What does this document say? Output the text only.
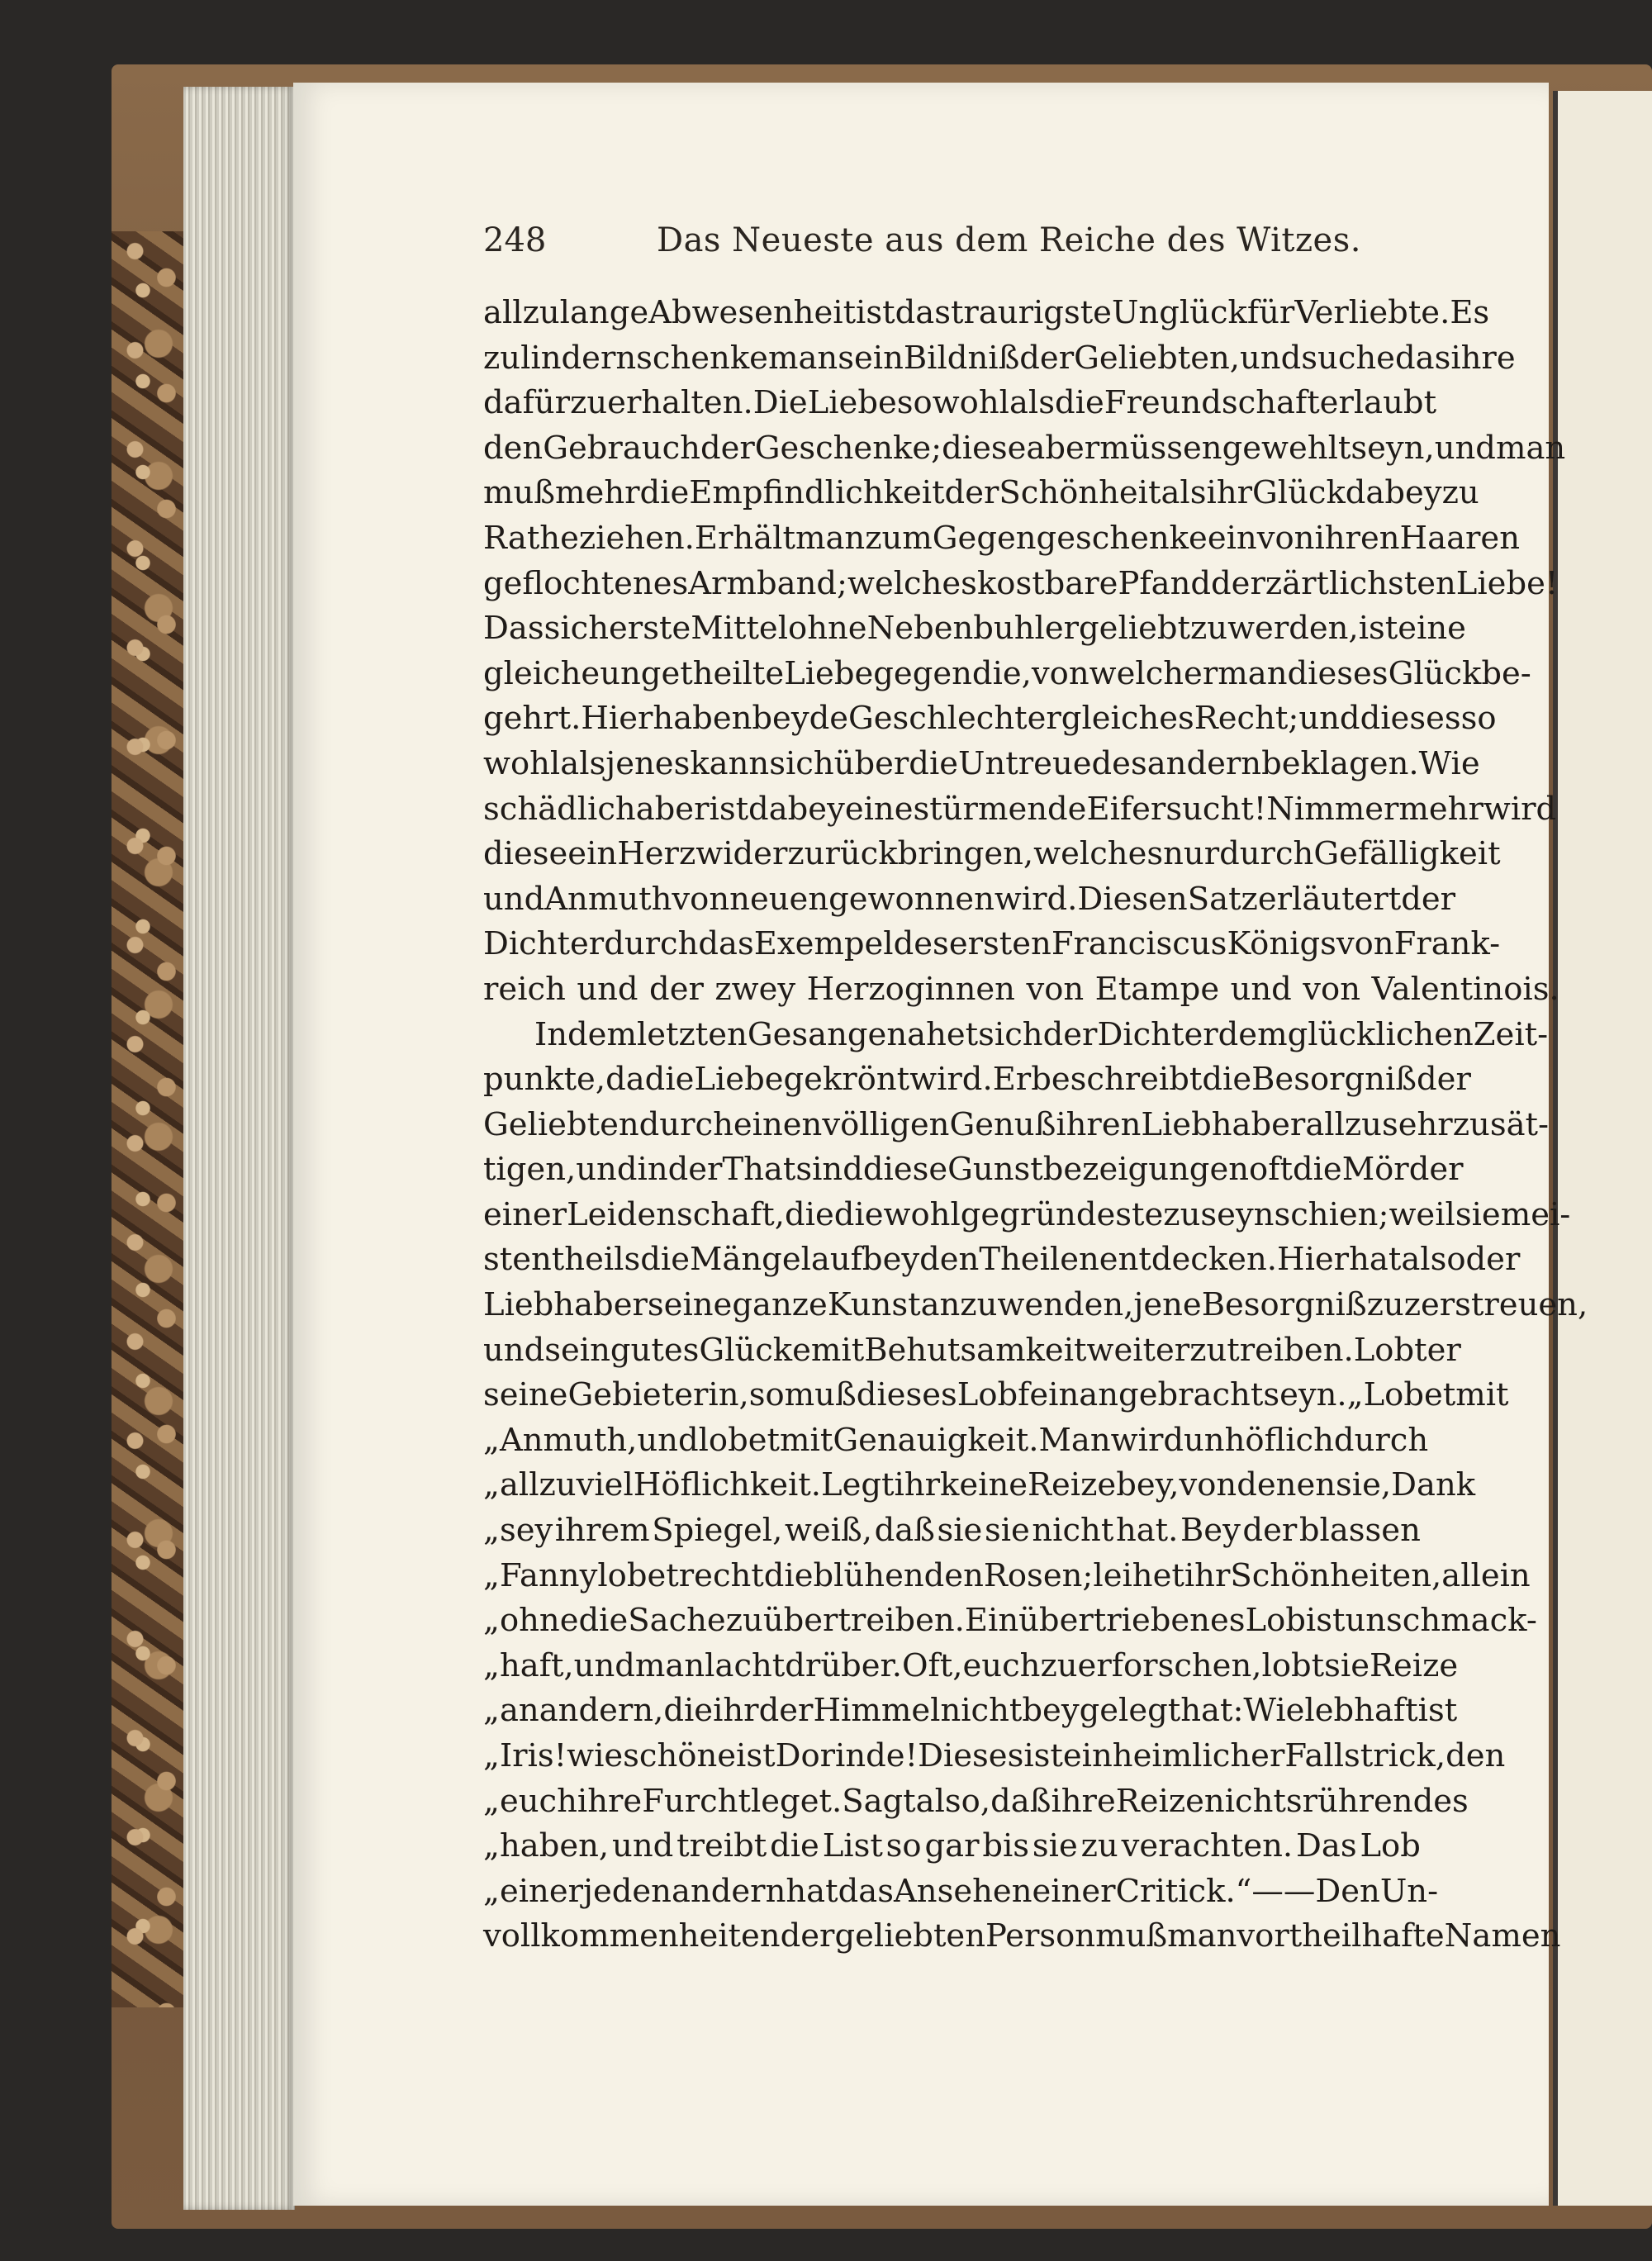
248	Das Neueste aus dem Reiche des Witzes.
allzulange Abwesenheit ist das traurigste Unglück für Verliebte. Es
zu lindern schenke man sein Bildniß der Geliebten, und suche das ihre
dafür zu erhalten. Die Liebe so wohl als die Freundschaft erlaubt
den Gebrauch der Geschenke; diese aber müssen gewehlt seyn, und man
muß mehr die Empfindlichkeit der Schönheit als ihr Glück dabey zu
Rathe ziehen. Erhält man zum Gegengeschenke ein von ihren Haaren
geflochtenes Armband; welches kostbare Pfand der zärtlichsten Liebe!
Das sicherste Mittel ohne Nebenbuhler geliebt zu werden, ist eine
gleiche ungetheilte Liebe gegen die, von welcher man dieses Glück be-
gehrt. Hier haben beyde Geschlechter gleiches Recht; und dieses so
wohl als jenes kann sich über die Untreue des andern beklagen. Wie
schädlich aber ist dabey eine stürmende Eifersucht! Nimmermehr wird
diese ein Herz wider zurück bringen, welches nur durch Gefälligkeit
und Anmuth von neuen gewonnen wird. Diesen Satz erläutert der
Dichter durch das Exempel des ersten Franciscus Königs von Frank-
reich und der zwey Herzoginnen von Etampe und von Valentinois.
In dem letzten Gesange nahet sich der Dichter dem glücklichen Zeit-
punkte, da die Liebe gekrönt wird. Er beschreibt die Besorgniß der
Geliebten durch einen völligen Genuß ihren Liebhaber allzusehr zu sät-
tigen, und in der That sind diese Gunstbezeigungen oft die Mörder
einer Leidenschaft, die die wohlgegründeste zu seyn schien; weil sie mei-
stentheils die Mängel auf beyden Theilen entdecken. Hier hat also der
Liebhaber seine ganze Kunst anzuwenden, jene Besorgniß zu zerstreuen,
und sein gutes Glücke mit Behutsamkeit weiter zu treiben. Lobt er
seine Gebieterin, so muß dieses Lob fein angebracht seyn. „Lobet mit
„Anmuth, und lobet mit Genauigkeit. Man wird unhöflich durch
„allzuviel Höflichkeit. Legt ihr keine Reize bey, von denen sie, Dank
„sey ihrem Spiegel, weiß, daß sie sie nicht hat. Bey der blassen
„Fanny lobet recht die blühenden Rosen; leihet ihr Schönheiten, allein
„ohne die Sache zu übertreiben. Ein übertriebenes Lob ist unschmack-
„haft, und man lacht drüber. Oft, euch zu erforschen, lobt sie Reize
„an andern, die ihr der Himmel nicht beygelegt hat: Wie lebhaft ist
„Iris! wie schöne ist Dorinde! Dieses ist ein heimlicher Fallstrick, den
„euch ihre Furcht leget. Sagt also, daß ihre Reize nichts rührendes
„haben, und treibt die List so gar bis sie zu verachten. Das Lob
„einer jeden andern hat das Ansehen einer Critick.“ — — Den Un-
vollkommenheiten der geliebten Person muß man vortheilhafte Namen
